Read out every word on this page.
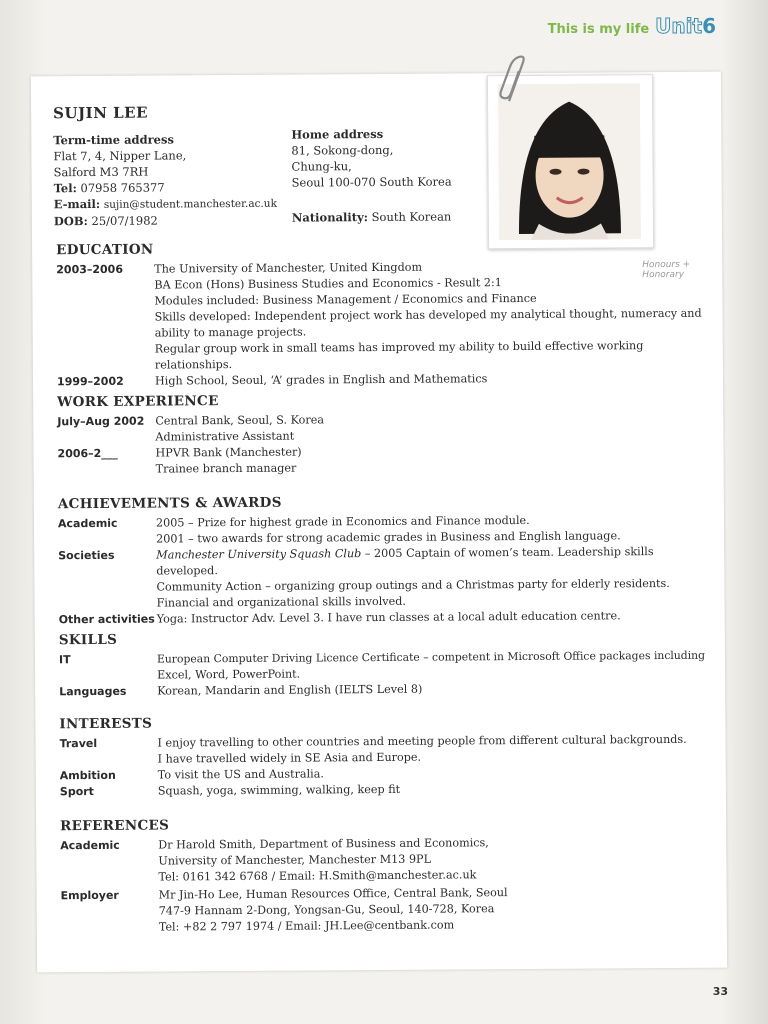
This is my life Unit6
SUJIN LEE
Term-time address
Flat 7, 4, Nipper Lane,
Salford M3 7RH
Tel: 07958 765377
E-mail: sujin@student.manchester.ac.uk
DOB: 25/07/1982
Home address
81, Sokong-dong,
Chung-ku,
Seoul 100-070 South Korea
Nationality: South Korean
Honours + Honorary
EDUCATION
2003–2006	The University of Manchester, United Kingdom
BA Econ (Hons) Business Studies and Economics - Result 2:1
Modules included: Business Management / Economics and Finance
Skills developed: Independent project work has developed my analytical thought, numeracy and
ability to manage projects.
Regular group work in small teams has improved my ability to build effective working relationships.
1999–2002	High School, Seoul, ‘A’ grades in English and Mathematics
WORK EXPERIENCE
July–Aug 2002 Central Bank, Seoul, S. Korea
Administrative Assistant
2006–2___	HPVR Bank (Manchester)
Trainee branch manager
ACHIEVEMENTS & AWARDS
Academic	2005 – Prize for highest grade in Economics and Finance module.
2001 – two awards for strong academic grades in Business and English language.
Societies	Manchester University Squash Club – 2005 Captain of women’s team. Leadership skills developed.
Community Action – organizing group outings and a Christmas party for elderly residents.
Financial and organizational skills involved.
Other activities Yoga: Instructor Adv. Level 3. I have run classes at a local adult education centre.
SKILLS
IT	European Computer Driving Licence Certificate – competent in Microsoft Office packages including
Excel, Word, PowerPoint.
Languages	Korean, Mandarin and English (IELTS Level 8)
INTERESTS
Travel	I enjoy travelling to other countries and meeting people from different cultural backgrounds.
I have travelled widely in SE Asia and Europe.
Ambition	To visit the US and Australia.
Sport	Squash, yoga, swimming, walking, keep fit
REFERENCES
Academic	Dr Harold Smith, Department of Business and Economics,
University of Manchester, Manchester M13 9PL
Tel: 0161 342 6768 / Email: H.Smith@manchester.ac.uk
Employer	Mr Jin-Ho Lee, Human Resources Office, Central Bank, Seoul
747-9 Hannam 2-Dong, Yongsan-Gu, Seoul, 140-728, Korea
Tel: +82 2 797 1974 / Email: JH.Lee@centbank.com
33
